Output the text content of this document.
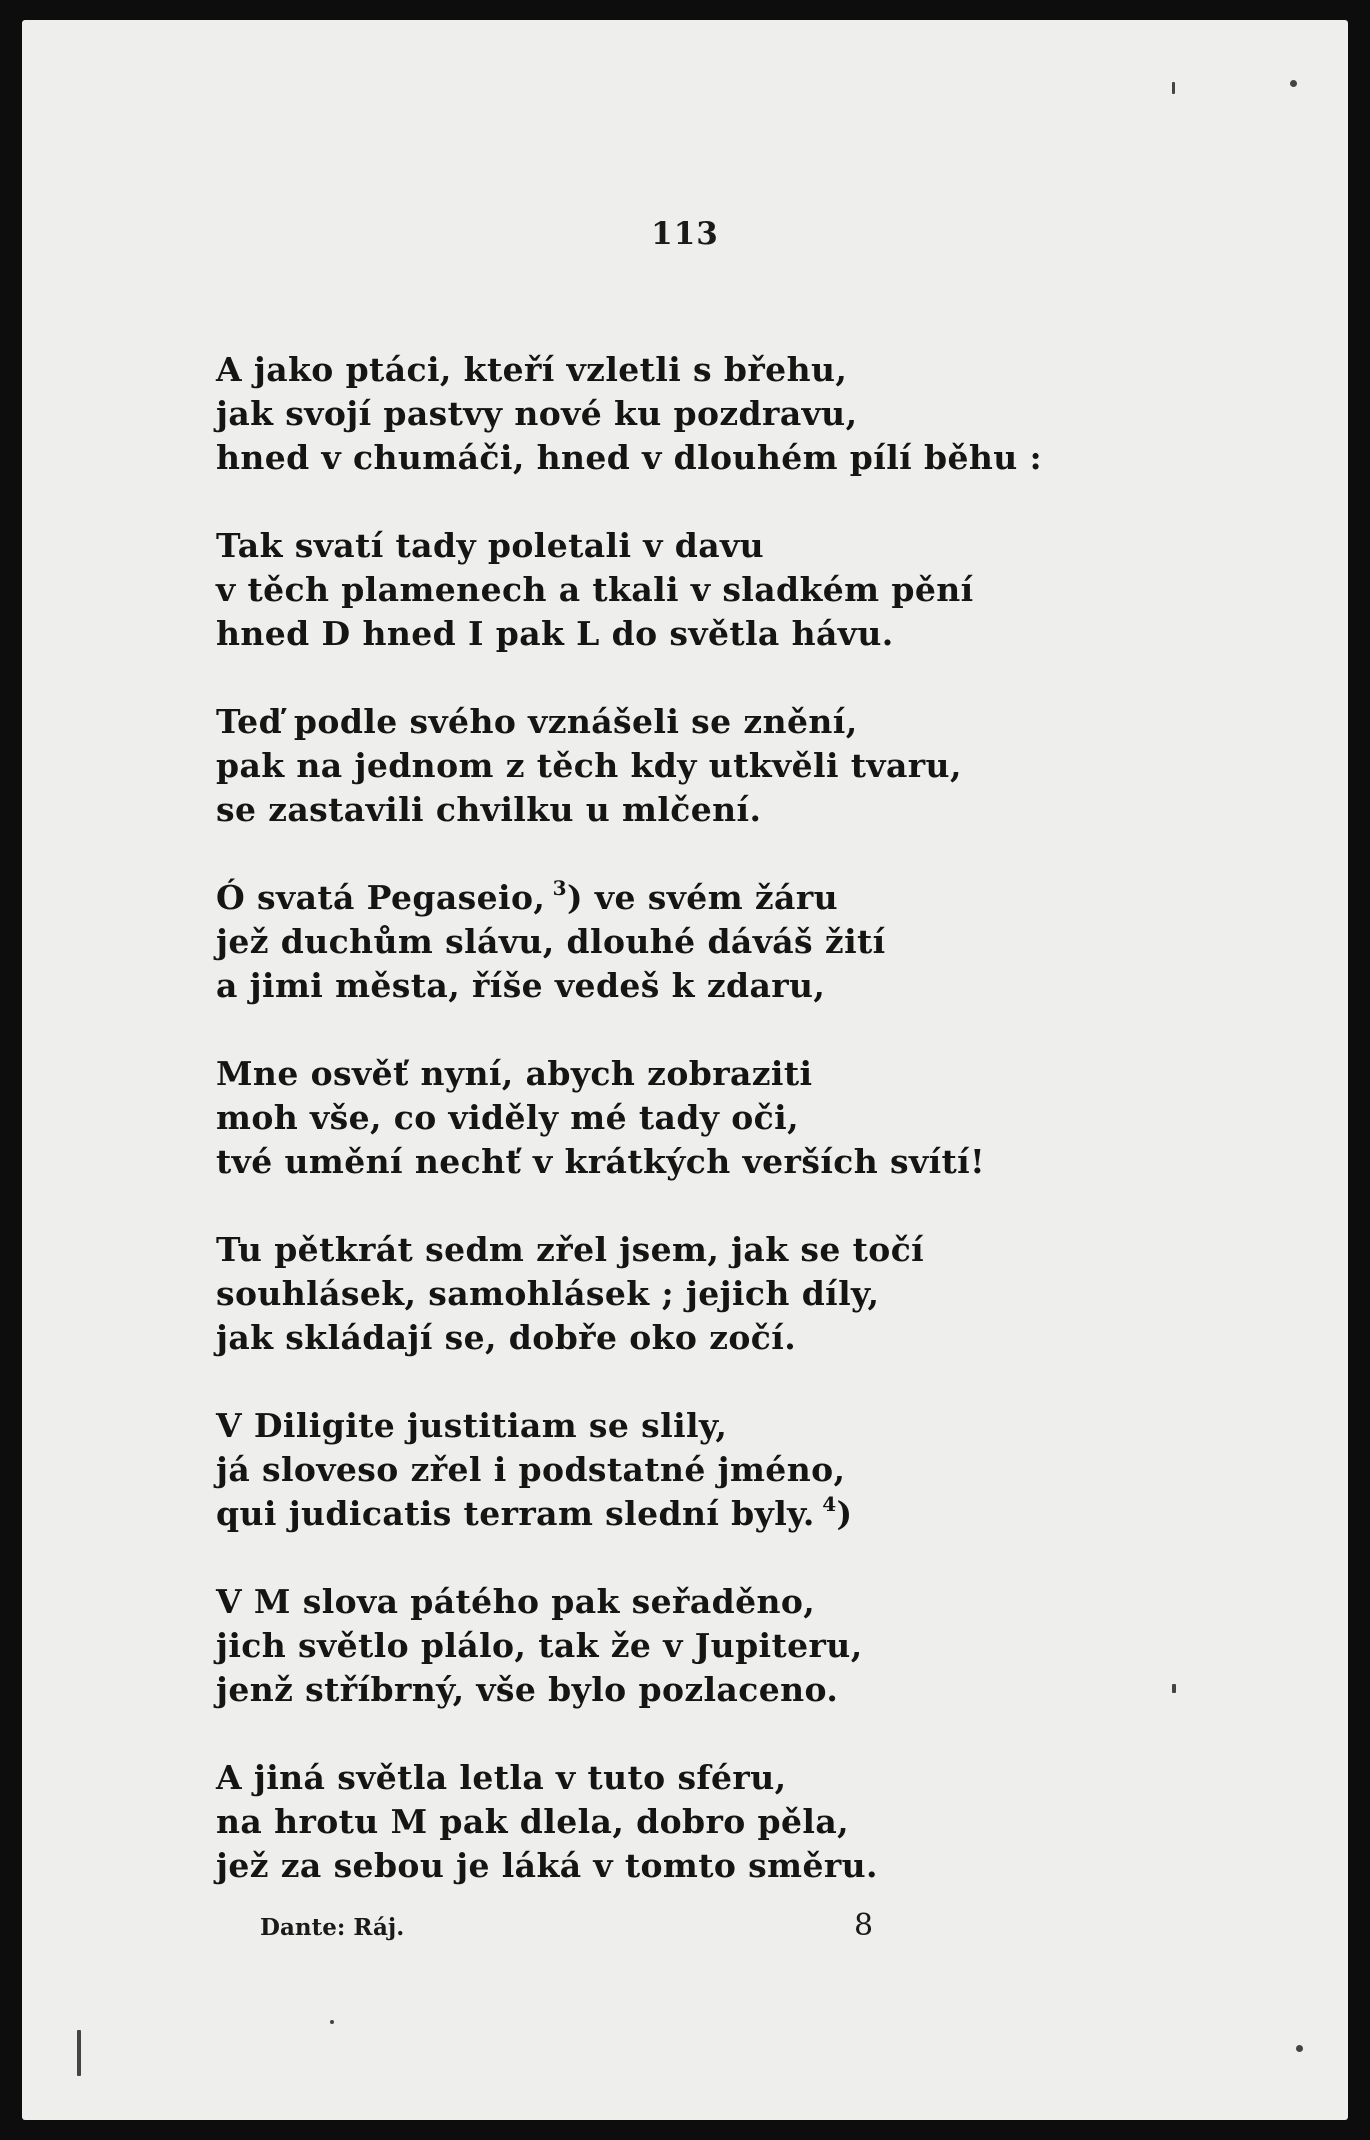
113
A jako ptáci, kteří vzletli s břehu,
jak svojí pastvy nové ku pozdravu,
hned v chumáči, hned v dlouhém pílí běhu :
Tak svatí tady poletali v davu
v těch plamenech a tkali v sladkém pění
hned D hned I pak L do světla hávu.
Teď podle svého vznášeli se znění,
pak na jednom z těch kdy utkvěli tvaru,
se zastavili chvilku u mlčení.
Ó svatá Pegaseio, $^3$) ve svém žáru
jež duchům slávu, dlouhé dáváš žití
a jimi města, říše vedeš k zdaru,
Mne osvěť nyní, abych zobraziti
moh vše, co viděly mé tady oči,
tvé umění nechť v krátkých verších svítí!
Tu pětkrát sedm zřel jsem, jak se točí
souhlásek, samohlásek ; jejich díly,
jak skládají se, dobře oko zočí.
V Diligite justitiam se slily,
já sloveso zřel i podstatné jméno,
qui judicatis terram slední byly. $^4$)
V M slova pátého pak seřaděno,
jich světlo plálo, tak že v Jupiteru,
jenž stříbrný, vše bylo pozlaceno.
A jiná světla letla v tuto sféru,
na hrotu M pak dlela, dobro pěla,
jež za sebou je láká v tomto směru.
Dante: Ráj.	8
